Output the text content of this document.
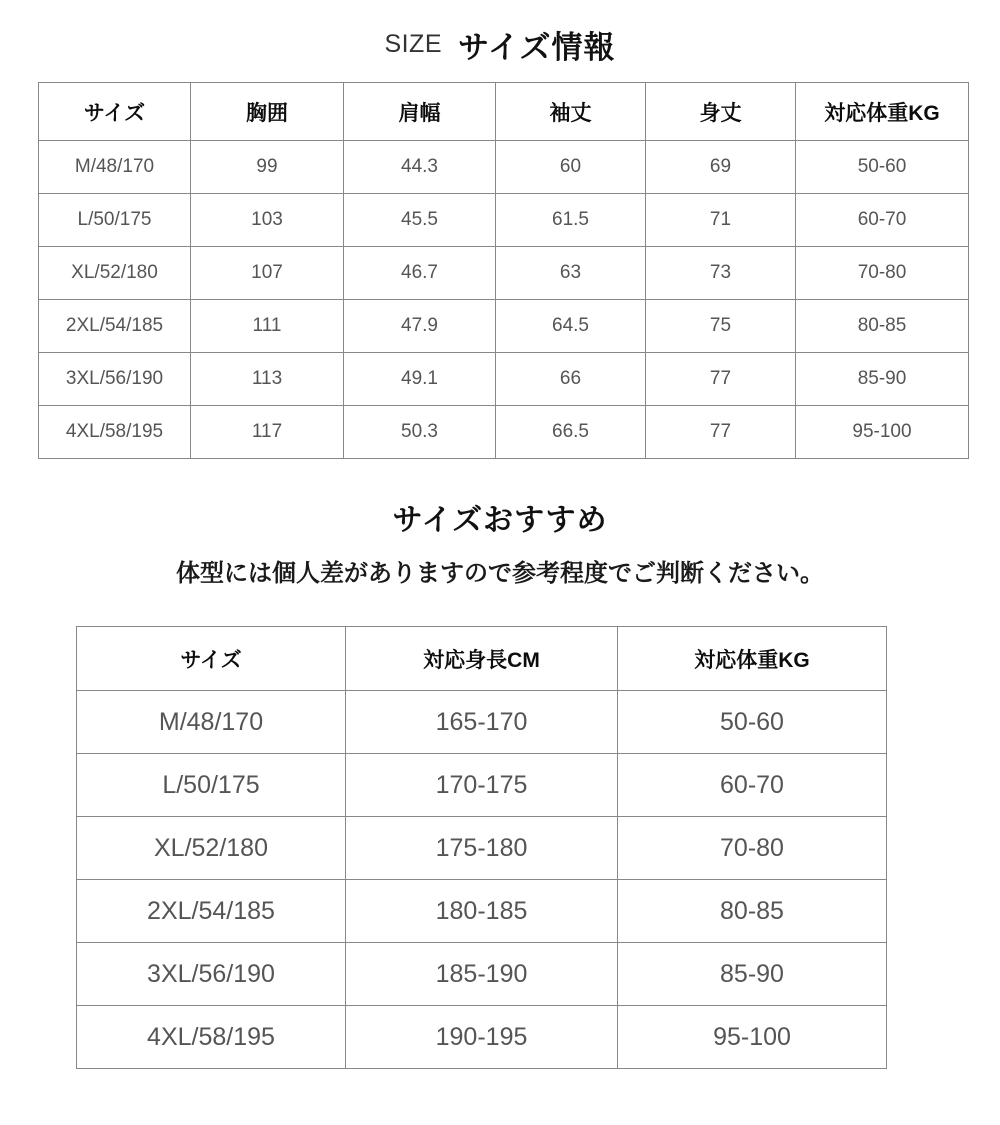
SIZE サイズ情報
サイズ	胸囲	肩幅	袖丈	身丈	対応体重KG
M/48/170	99	44.3	60	69	50-60
L/50/175	103	45.5	61.5	71	60-70
XL/52/180	107	46.7	63	73	70-80
2XL/54/185	111	47.9	64.5	75	80-85
3XL/56/190	113	49.1	66	77	85-90
4XL/58/195	117	50.3	66.5	77	95-100
サイズおすすめ
体型には個人差がありますので参考程度でご判断ください。
サイズ	対応身長CM	対応体重KG
M/48/170	165-170	50-60
L/50/175	170-175	60-70
XL/52/180	175-180	70-80
2XL/54/185	180-185	80-85
3XL/56/190	185-190	85-90
4XL/58/195	190-195	95-100
